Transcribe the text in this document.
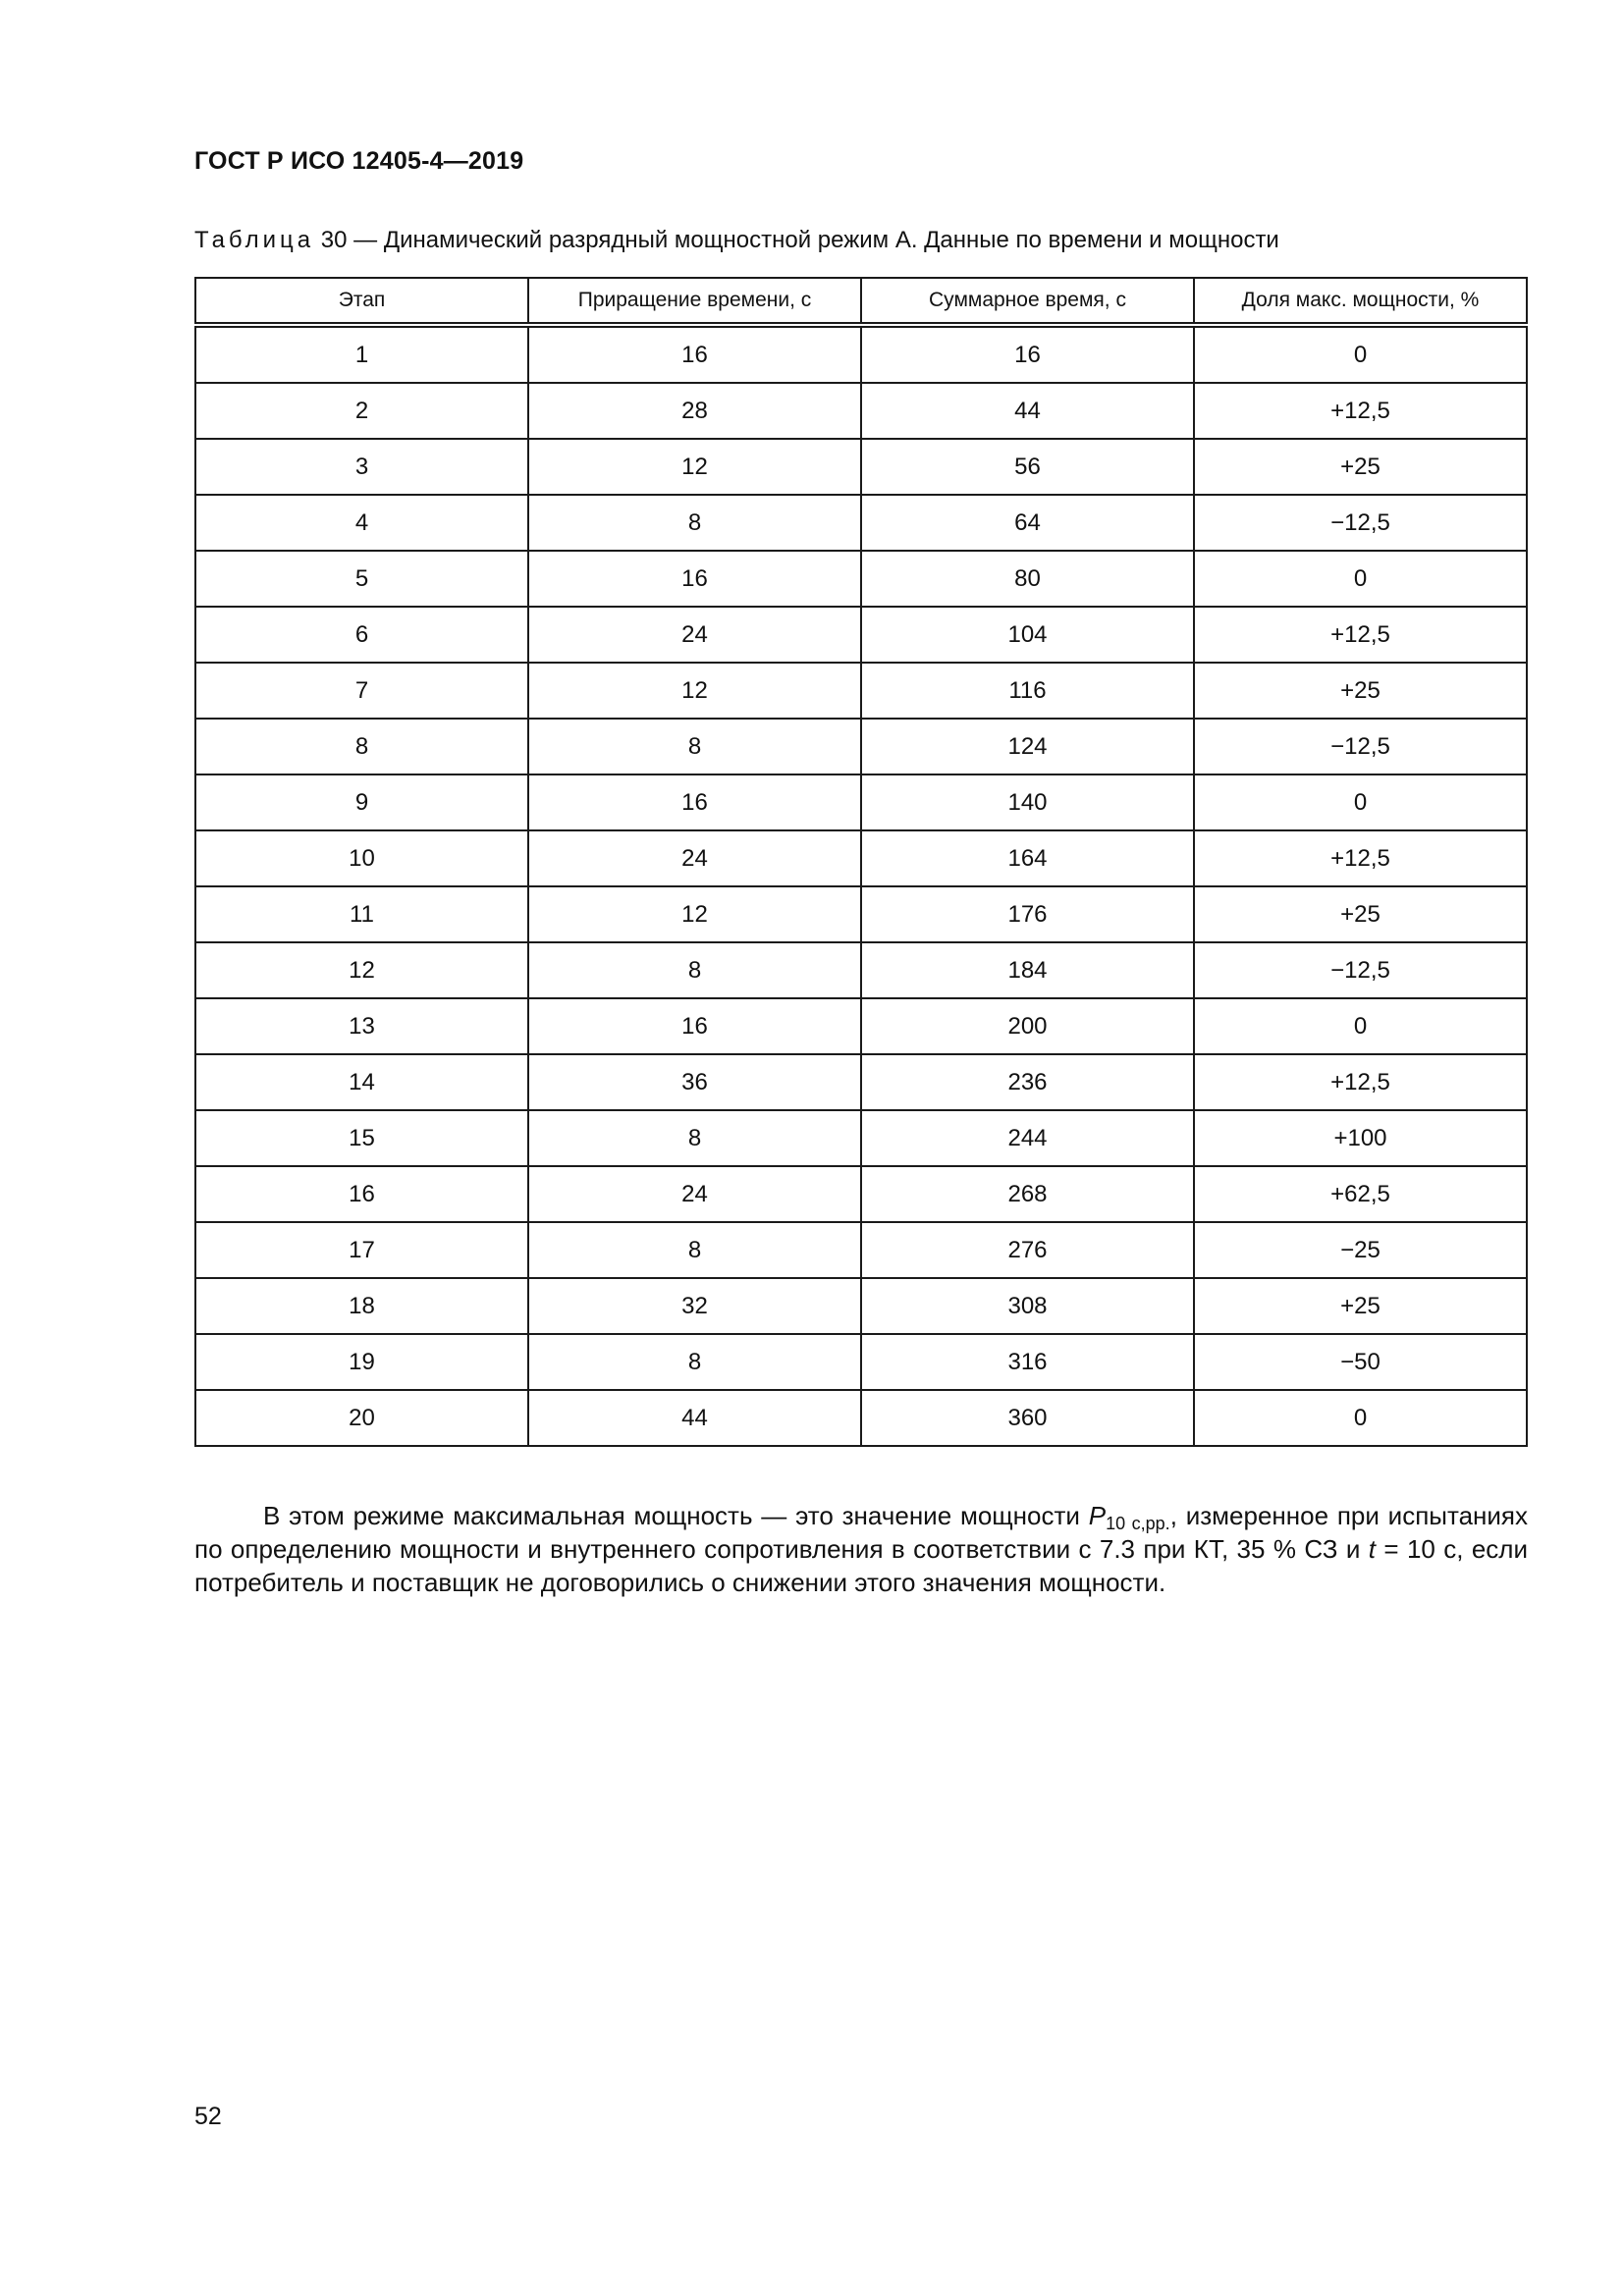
ГОСТ Р ИСО 12405-4—2019
Таблица 30 — Динамический разрядный мощностной режим А. Данные по времени и мощности
Этап	Приращение времени, с	Суммарное время, с	Доля макс. мощности, %
1	16	16	0
2	28	44	+12,5
3	12	56	+25
4	8	64	−12,5
5	16	80	0
6	24	104	+12,5
7	12	116	+25
8	8	124	−12,5
9	16	140	0
10	24	164	+12,5
11	12	176	+25
12	8	184	−12,5
13	16	200	0
14	36	236	+12,5
15	8	244	+100
16	24	268	+62,5
17	8	276	−25
18	32	308	+25
19	8	316	−50
20	44	360	0
В этом режиме максимальная мощность — это значение мощности $P_{10 с,рр.}$, измеренное при испытаниях по определению мощности и внутреннего сопротивления в соответствии с 7.3 при КТ, 35 % СЗ и t = 10 с, если потребитель и поставщик не договорились о снижении этого значения мощности.
52
